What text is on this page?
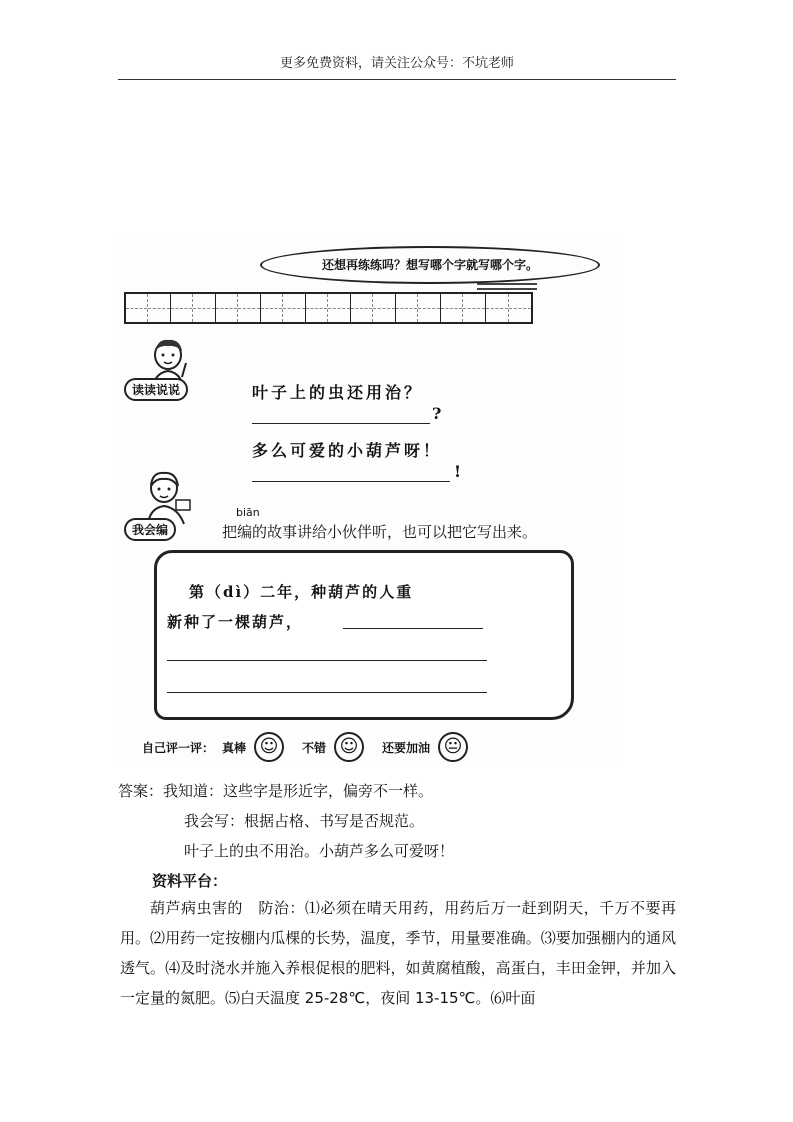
更多免费资料，请关注公众号：不坑老师
还想再练练吗？想写哪个字就写哪个字。
读读说说	叶子上的虫还用治？
?
多么可爱的小葫芦呀！
!
我会编
biān
把编的故事讲给小伙伴听，也可以把它写出来。
第（dì）二年，种葫芦的人重
新种了一棵葫芦，
自己评一评： 真棒 ☺	不错 ☺	还要加油 😐
答案：我知道：这些字是形近字，偏旁不一样。
我会写：根据占格、书写是否规范。
叶子上的虫不用治。小葫芦多么可爱呀！
资料平台：
葫芦病虫害的　防治：⑴必须在晴天用药，用药后万一赶到阴天，千万不要再用。⑵用药一定按棚内瓜棵的长势，温度，季节，用量要准确。⑶要加强棚内的通风透气。⑷及时浇水并施入养根促根的肥料，如黄腐植酸，高蛋白，丰田金钾，并加入一定量的氮肥。⑸白天温度 25-28℃，夜间 13-15℃。⑹叶面
